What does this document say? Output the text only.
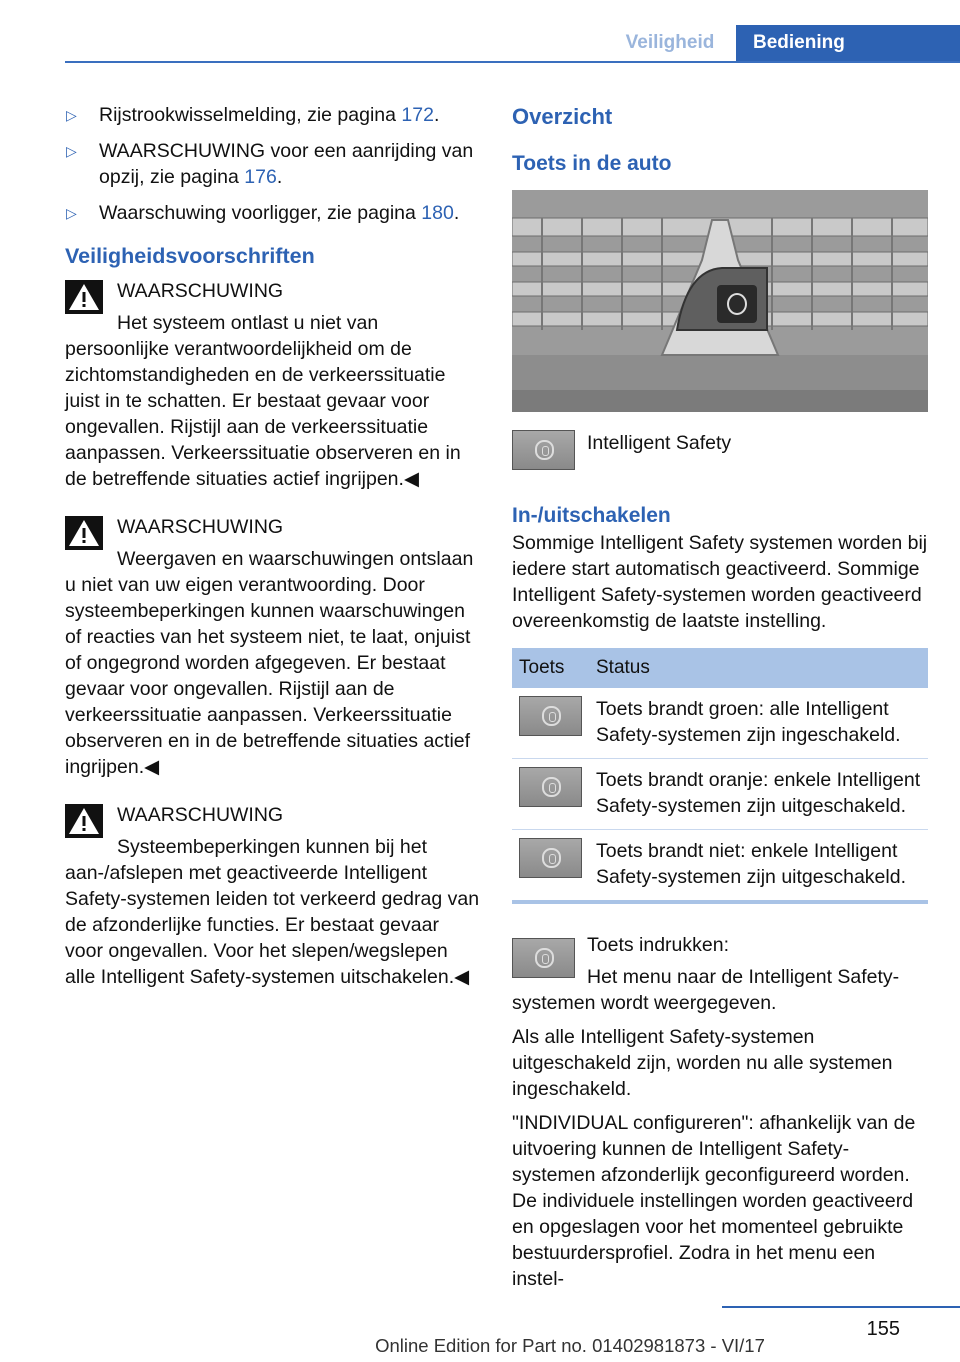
Veiligheid	Bediening
▷ Rijstrookwisselmelding, zie pagina 172.
▷ WAARSCHUWING voor een aanrijding van opzij, zie pagina 176.
▷ Waarschuwing voorligger, zie pagina 180.
Veiligheidsvoorschriften
WAARSCHUWING
Het systeem ontlast u niet van persoonlijke verantwoordelijkheid om de zichtomstandigheden en de verkeerssituatie juist in te schatten. Er bestaat gevaar voor ongevallen. Rijstijl aan de verkeerssituatie aanpassen. Verkeerssituatie observeren en in de betreffende situaties actief ingrijpen.◀
WAARSCHUWING
Weergaven en waarschuwingen ontslaan u niet van uw eigen verantwoording. Door systeembeperkingen kunnen waarschuwingen of reacties van het systeem niet, te laat, onjuist of ongegrond worden afgegeven. Er bestaat gevaar voor ongevallen. Rijstijl aan de verkeerssituatie aanpassen. Verkeerssituatie observeren en in de betreffende situaties actief ingrijpen.◀
WAARSCHUWING
Systeembeperkingen kunnen bij het aan-/afslepen met geactiveerde Intelligent Safety-systemen leiden tot verkeerd gedrag van de afzonderlijke functies. Er bestaat gevaar voor ongevallen. Voor het slepen/wegslepen alle Intelligent Safety-systemen uitschakelen.◀
Overzicht
Toets in de auto
Intelligent Safety
In-/uitschakelen
Sommige Intelligent Safety systemen worden bij iedere start automatisch geactiveerd. Sommige Intelligent Safety-systemen worden geactiveerd overeenkomstig de laatste instelling.
Toets	Status

	Toets brandt groen: alle Intelligent Safety-systemen zijn ingeschakeld.

	Toets brandt oranje: enkele Intelligent Safety-systemen zijn uitgeschakeld.

	Toets brandt niet: enkele Intelligent Safety-systemen zijn uitgeschakeld.
Toets indrukken:
Het menu naar de Intelligent Safety-systemen wordt weergegeven.
Als alle Intelligent Safety-systemen uitgeschakeld zijn, worden nu alle systemen ingeschakeld.
"INDIVIDUAL configureren": afhankelijk van de uitvoering kunnen de Intelligent Safety-systemen afzonderlijk geconfigureerd worden. De individuele instellingen worden geactiveerd en opgeslagen voor het momenteel gebruikte bestuurdersprofiel. Zodra in het menu een instel-
155
Online Edition for Part no. 01402981873 - VI/17
